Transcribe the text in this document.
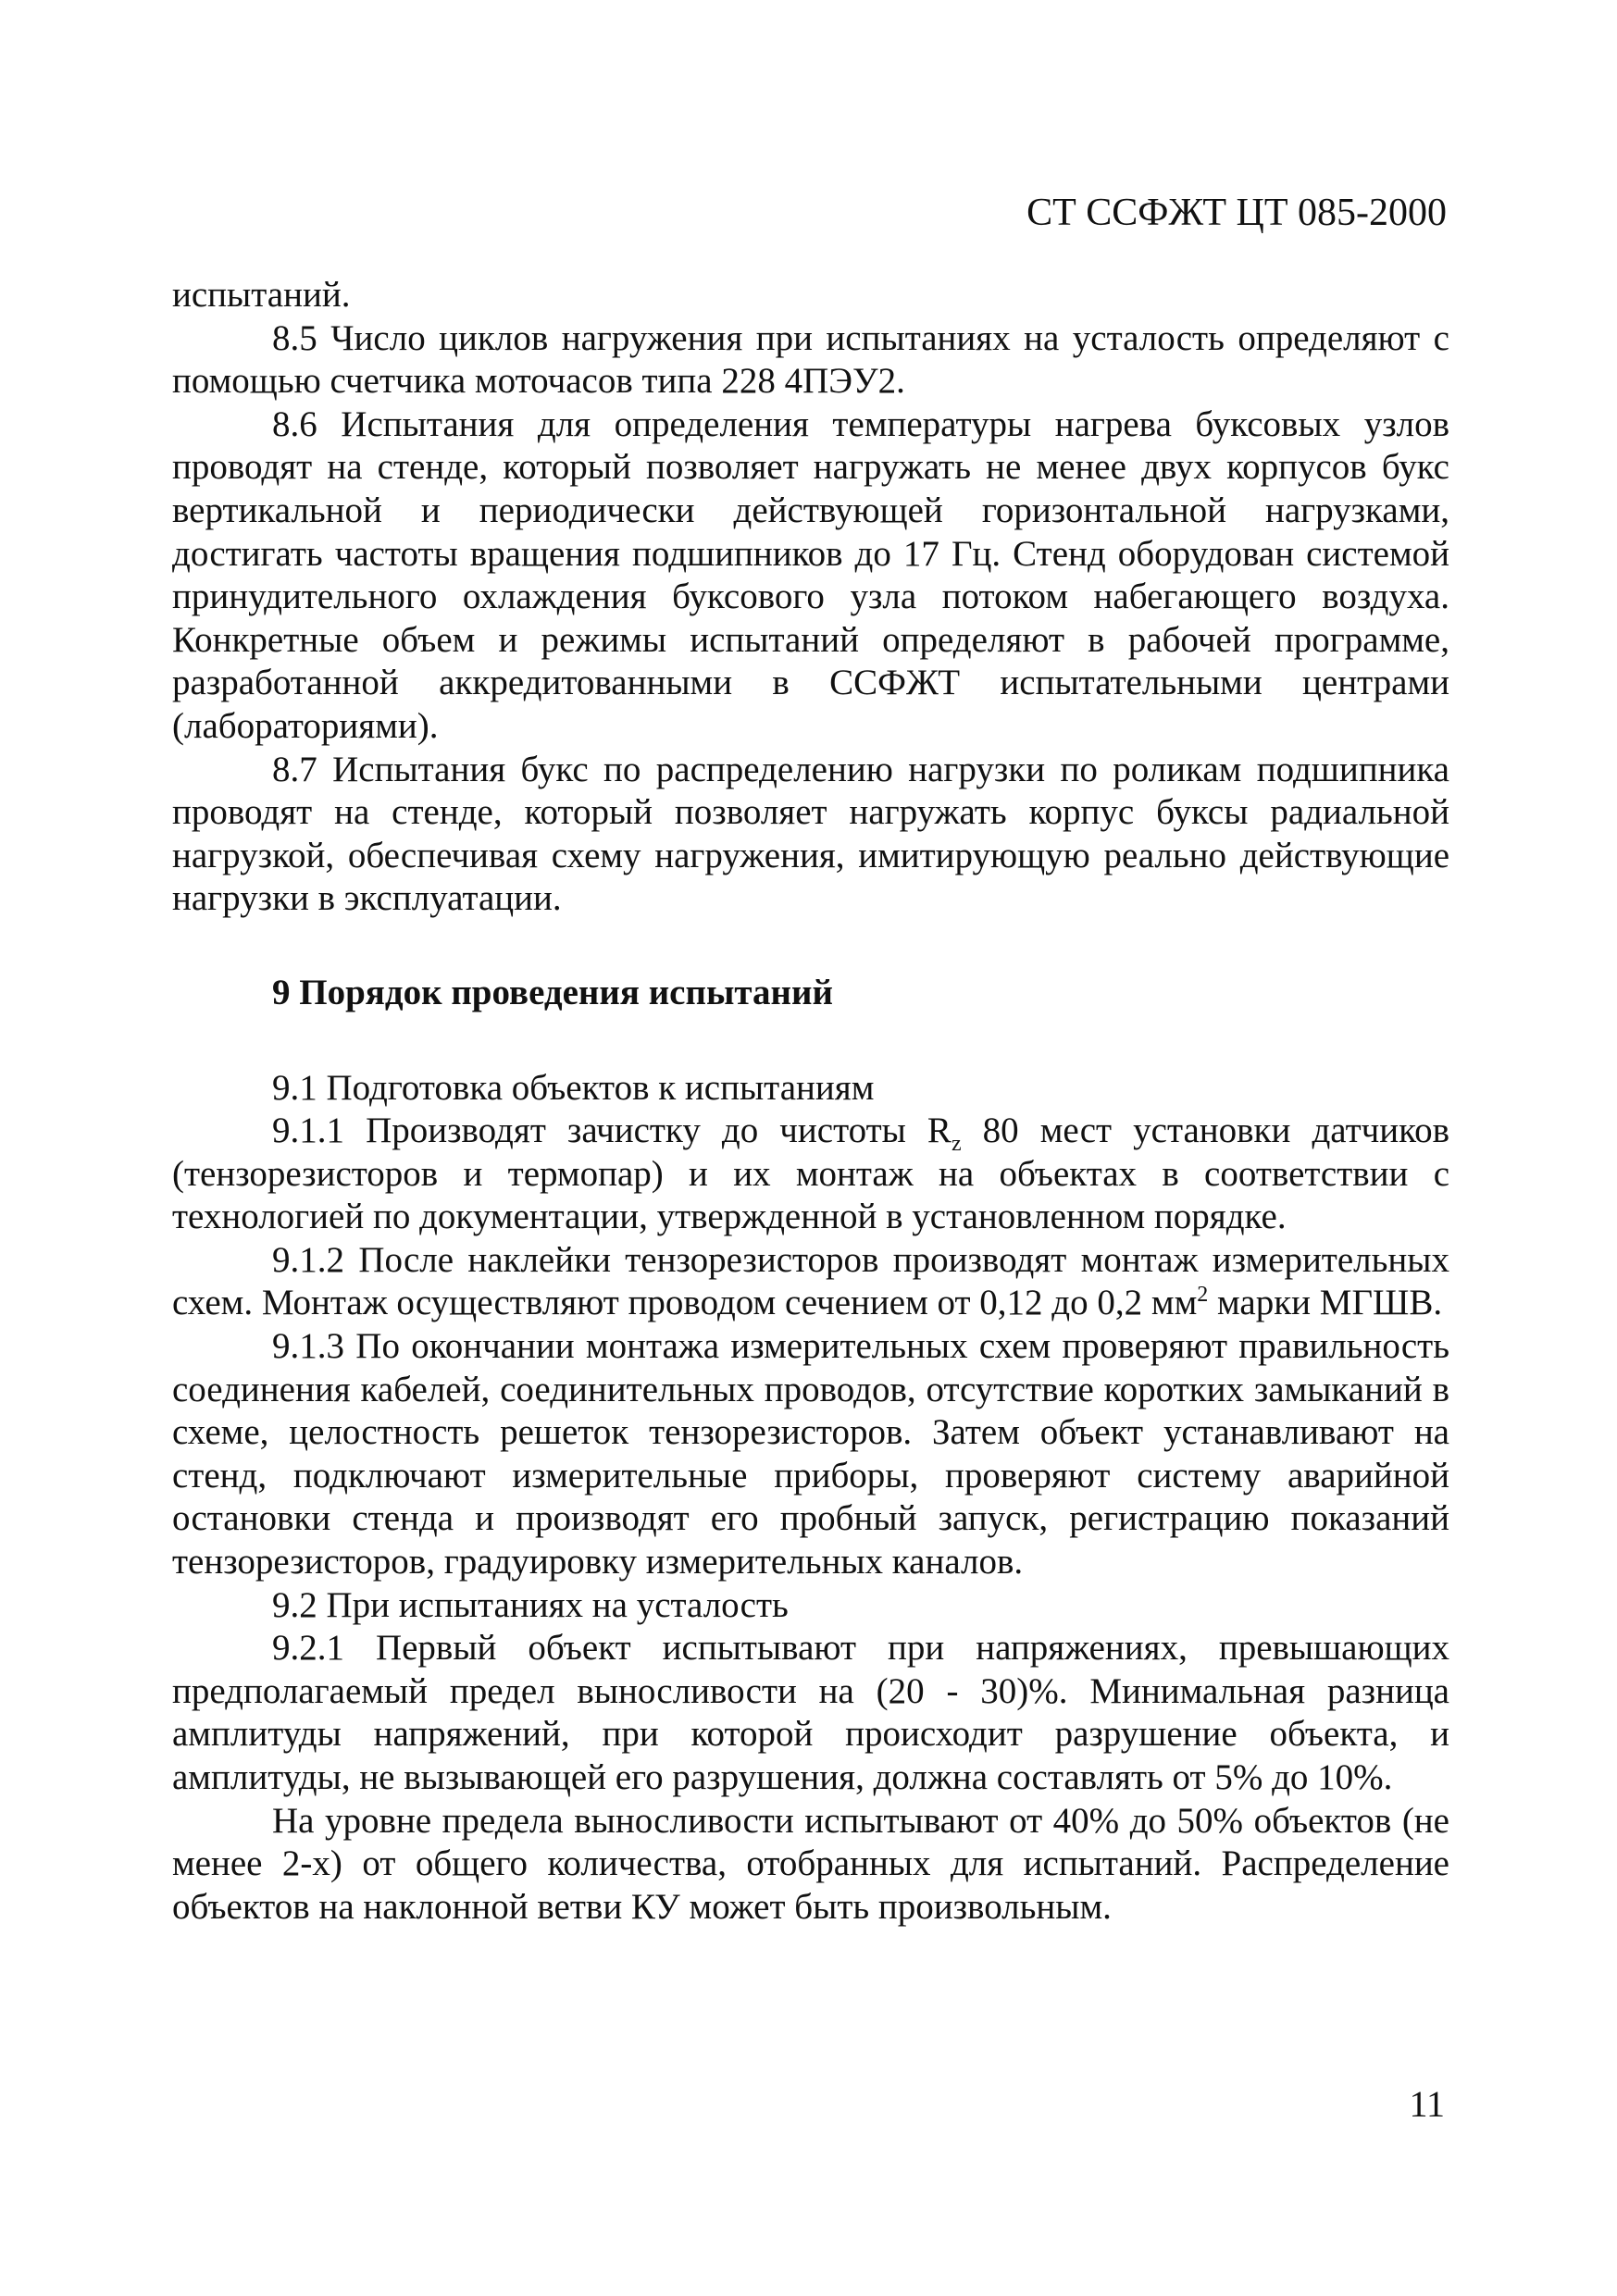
СТ ССФЖТ ЦТ 085-2000

испытаний.

8.5 Число циклов нагружения при испытаниях на усталость определяют с помощью счетчика моточасов типа 228 4ПЭУ2.

8.6 Испытания для определения температуры нагрева буксовых узлов проводят на стенде, который позволяет нагружать не менее двух корпусов букс вертикальной и периодически действующей горизонтальной нагрузками, достигать частоты вращения подшипников до 17 Гц. Стенд оборудован системой принудительного охлаждения буксового узла потоком набегающего воздуха. Конкретные объем и режимы испытаний определяют в рабочей программе, разработанной аккредитованными в ССФЖТ испытательными центрами (лабораториями).

8.7 Испытания букс по распределению нагрузки по роликам подшипника проводят на стенде, который позволяет нагружать корпус буксы радиальной нагрузкой, обеспечивая схему нагружения, имитирующую реально действующие нагрузки в эксплуатации.

9 Порядок проведения испытаний

9.1 Подготовка объектов к испытаниям

9.1.1 Производят зачистку до чистоты $R_z$ 80 мест установки датчиков (тензорезисторов и термопар) и их монтаж на объектах в соответствии с технологией по документации, утвержденной в установленном порядке.

9.1.2 После наклейки тензорезисторов производят монтаж измерительных схем. Монтаж осуществляют проводом сечением от 0,12 до 0,2 $мм^2$ марки МГШВ.

9.1.3 По окончании монтажа измерительных схем проверяют правильность соединения кабелей, соединительных проводов, отсутствие коротких замыканий в схеме, целостность решеток тензорезисторов. Затем объект устанавливают на стенд, подключают измерительные приборы, проверяют систему аварийной остановки стенда и производят его пробный запуск, регистрацию показаний тензорезисторов, градуировку измерительных каналов.

9.2 При испытаниях на усталость

9.2.1 Первый объект испытывают при напряжениях, превышающих предполагаемый предел выносливости на (20 - 30)%. Минимальная разница амплитуды напряжений, при которой происходит разрушение объекта, и амплитуды, не вызывающей его разрушения, должна составлять от 5% до 10%.

На уровне предела выносливости испытывают от 40% до 50% объектов (не менее 2-х) от общего количества, отобранных для испытаний. Распределение объектов на наклонной ветви КУ может быть произвольным.

11
